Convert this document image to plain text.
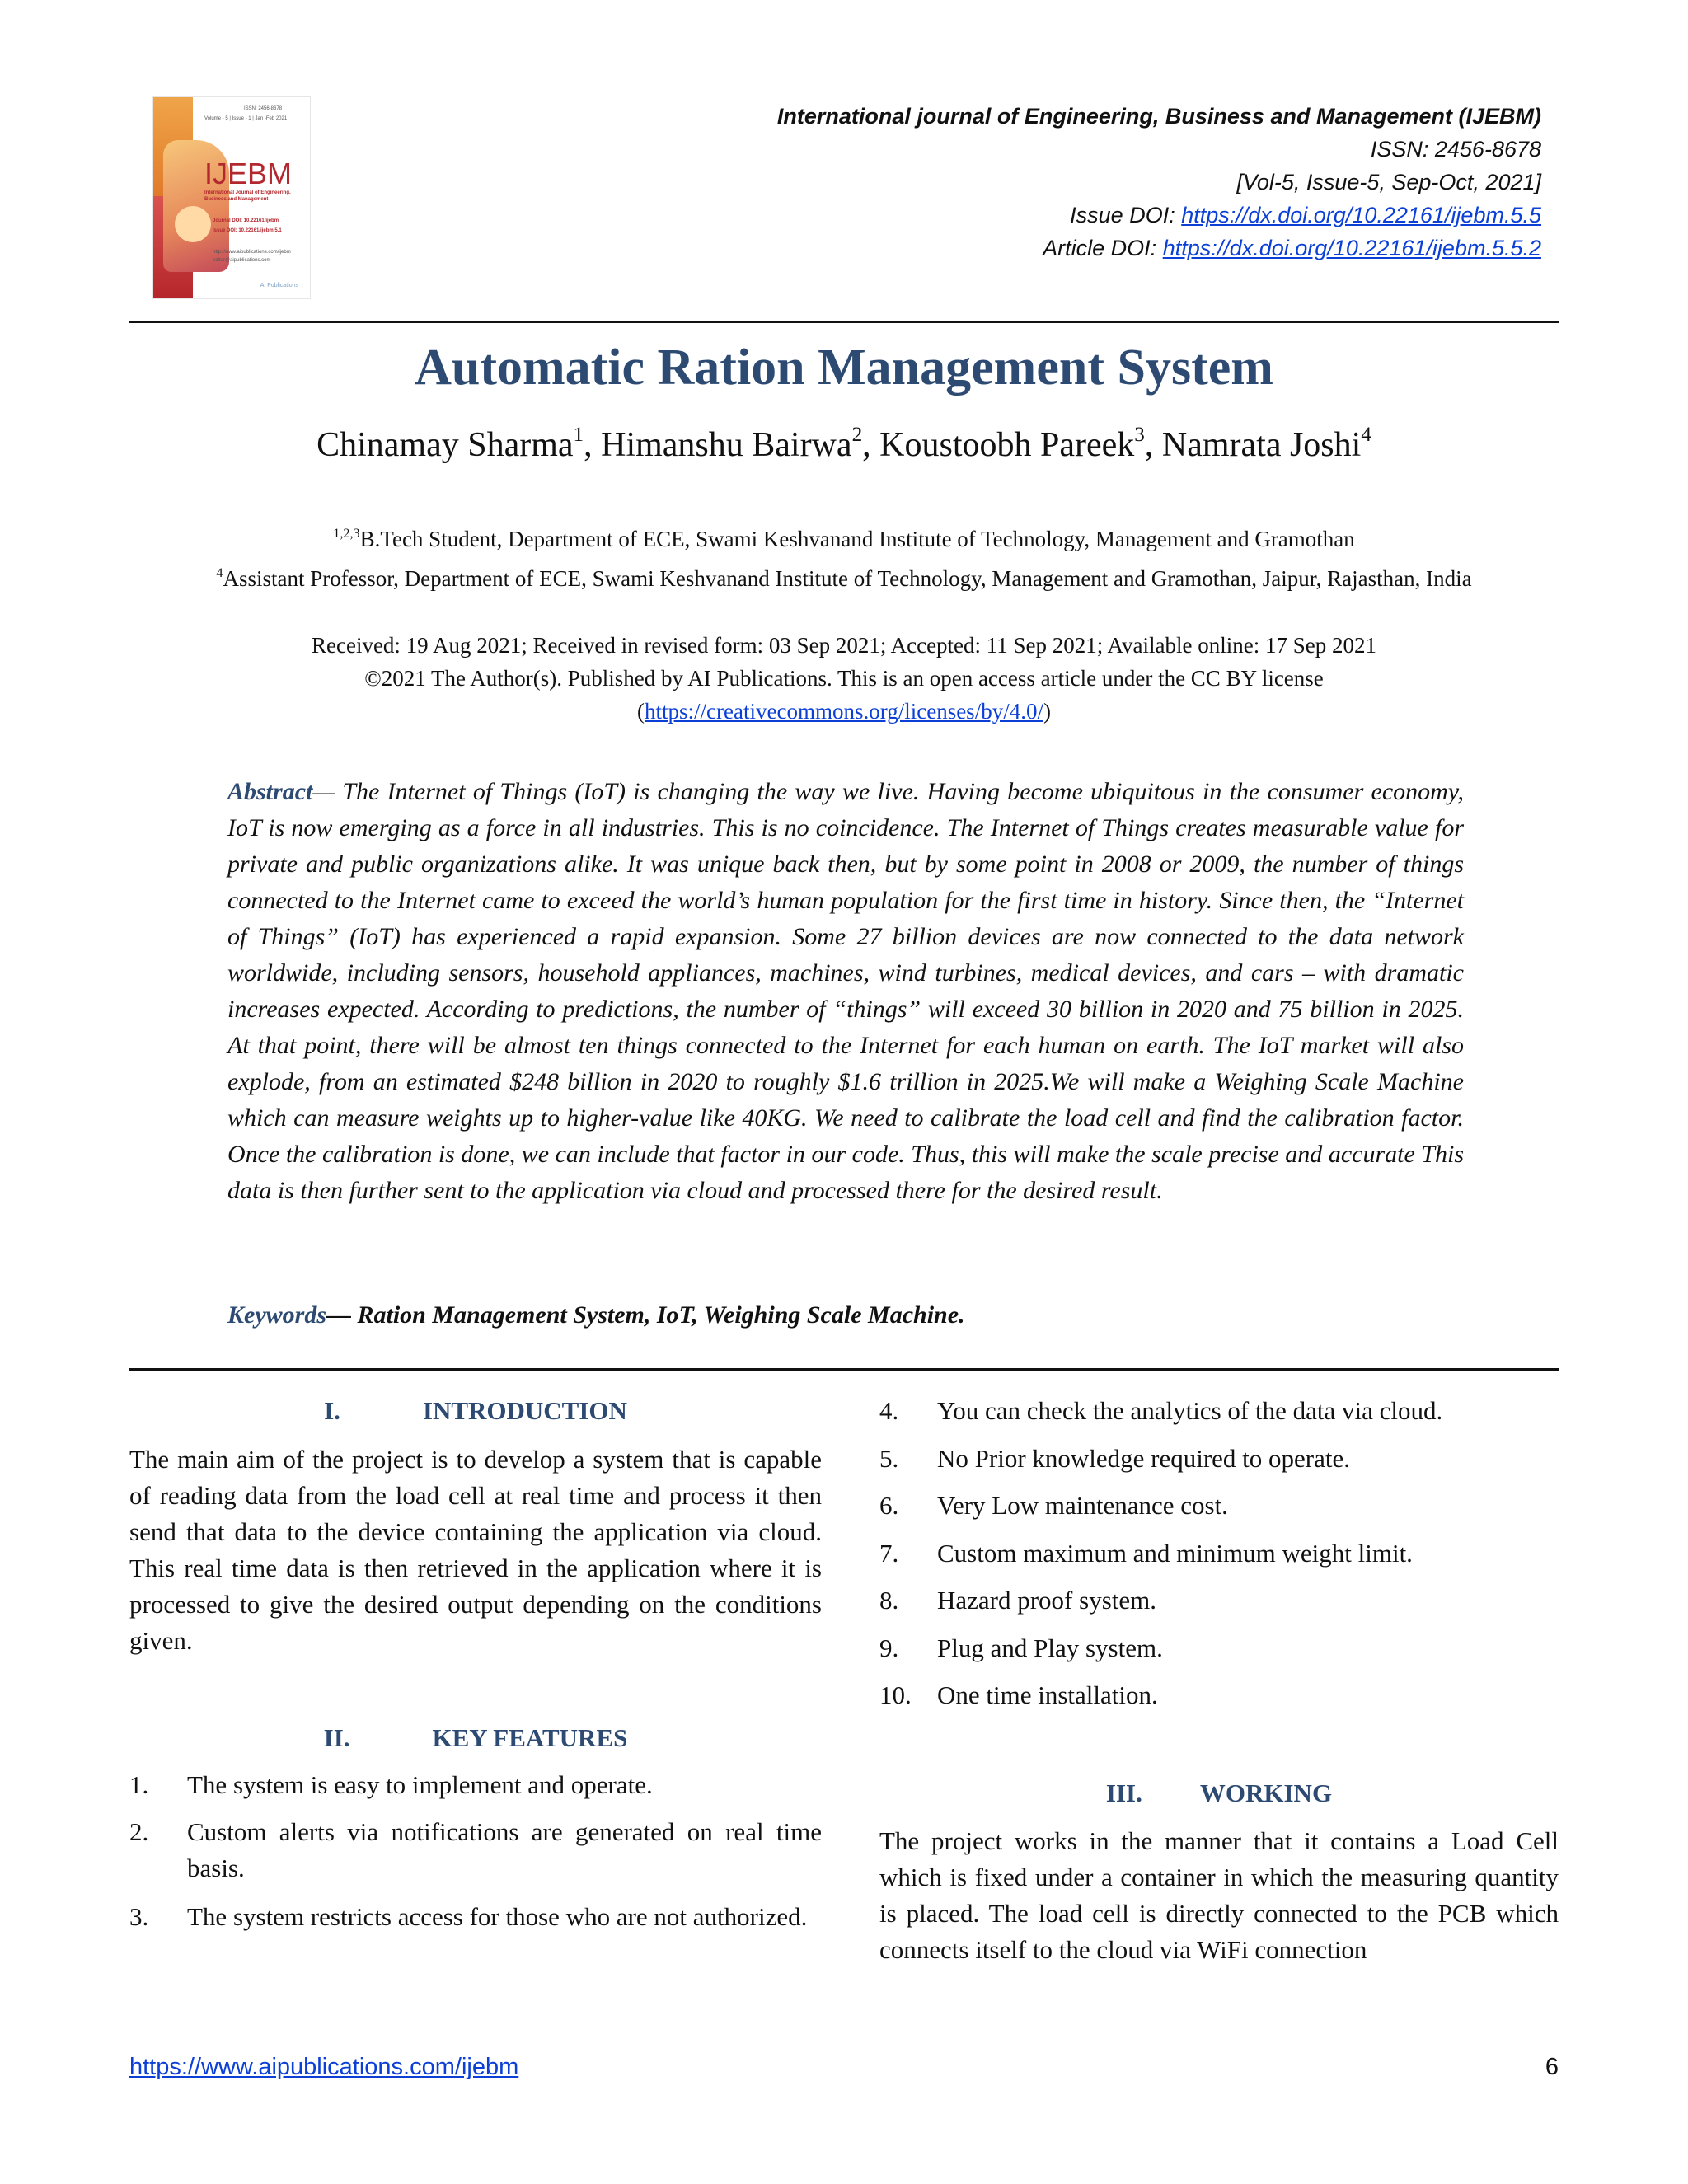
ISSN: 2456-8678
Volume - 5 | Issue - 1 | Jan -Feb 2021
IJEBM
International Journal of Engineering, Business and Management
Journal DOI: 10.22161/ijebm
Issue DOI: 10.22161/ijebm.5.1
http://www.aipublications.com/ijebm
editor@aipublications.com
AI Publications
International journal of Engineering, Business and Management (IJEBM)
ISSN: 2456-8678
[Vol-5, Issue-5, Sep-Oct, 2021]
Issue DOI: https://dx.doi.org/10.22161/ijebm.5.5
Article DOI: https://dx.doi.org/10.22161/ijebm.5.5.2
Automatic Ration Management System
Chinamay Sharma$^1$, Himanshu Bairwa$^2$, Koustoobh Pareek$^3$, Namrata Joshi$^4$
$^{1,2,3}$B.Tech Student, Department of ECE, Swami Keshvanand Institute of Technology, Management and Gramothan
$^4$Assistant Professor, Department of ECE, Swami Keshvanand Institute of Technology, Management and Gramothan, Jaipur, Rajasthan, India
Received: 19 Aug 2021; Received in revised form: 03 Sep 2021; Accepted: 11 Sep 2021; Available online: 17 Sep 2021
©2021 The Author(s). Published by AI Publications. This is an open access article under the CC BY license
(https://creativecommons.org/licenses/by/4.0/)

Abstract— The Internet of Things (IoT) is changing the way we live. Having become ubiquitous in the consumer economy, IoT is now emerging as a force in all industries. This is no coincidence. The Internet of Things creates measurable value for private and public organizations alike. It was unique back then, but by some point in 2008 or 2009, the number of things connected to the Internet came to exceed the world’s human population for the first time in history. Since then, the “Internet of Things” (IoT) has experienced a rapid expansion. Some 27 billion devices are now connected to the data network worldwide, including sensors, household appliances, machines, wind turbines, medical devices, and cars – with dramatic increases expected. According to predictions, the number of “things” will exceed 30 billion in 2020 and 75 billion in 2025. At that point, there will be almost ten things connected to the Internet for each human on earth. The IoT market will also explode, from an estimated $248 billion in 2020 to roughly $1.6 trillion in 2025.We will make a Weighing Scale Machine which can measure weights up to higher-value like 40KG. We need to calibrate the load cell and find the calibration factor. Once the calibration is done, we can include that factor in our code. Thus, this will make the scale precise and accurate This data is then further sent to the application via cloud and processed there for the desired result.

Keywords— Ration Management System, IoT, Weighing Scale Machine.
I.	INTRODUCTION

The main aim of the project is to develop a system that is capable of reading data from the load cell at real time and process it then send that data to the device containing the application via cloud. This real time data is then retrieved in the application where it is processed to give the desired output depending on the conditions given.

II.	KEY FEATURES
1.	The system is easy to implement and operate.
2.	Custom alerts via notifications are generated on real time basis.
3.	The system restricts access for those who are not authorized.
4.	You can check the analytics of the data via cloud.
5.	No Prior knowledge required to operate.
6.	Very Low maintenance cost.
7.	Custom maximum and minimum weight limit.
8.	Hazard proof system.
9.	Plug and Play system.
10.	One time installation.
III. WORKING

The project works in the manner that it contains a Load Cell which is fixed under a container in which the measuring quantity is placed. The load cell is directly connected to the PCB which connects itself to the cloud via WiFi connection

https://www.aipublications.com/ijebm	6
